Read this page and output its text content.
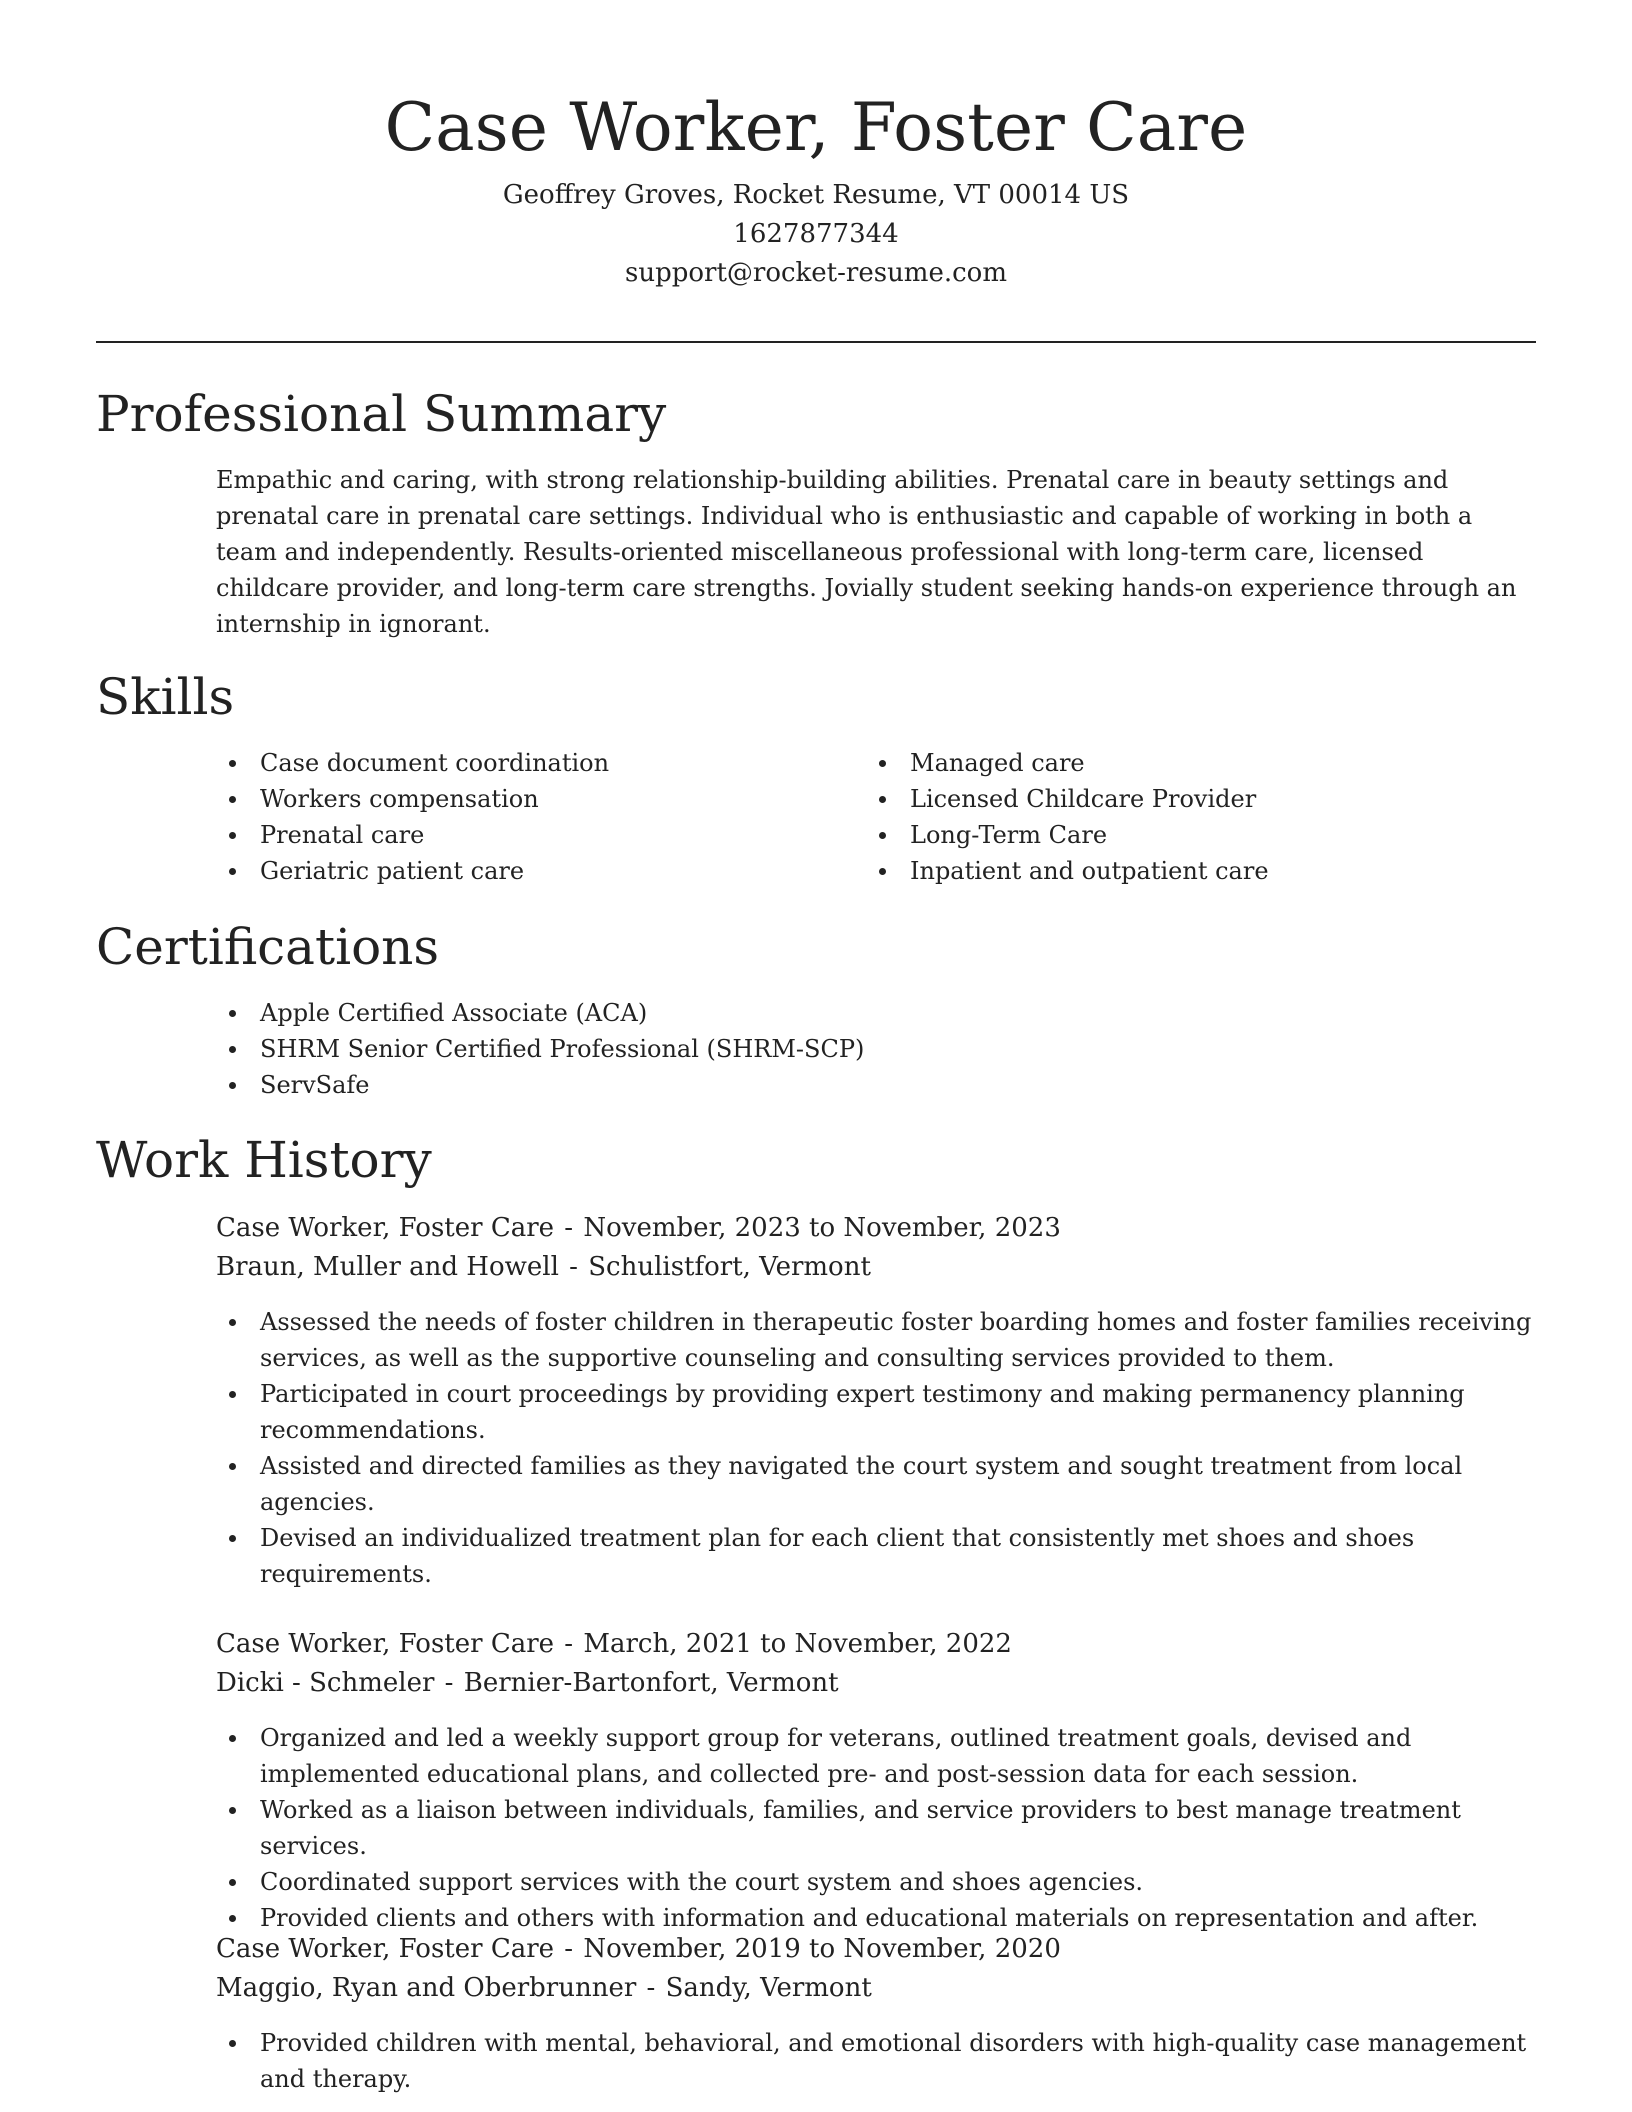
Case Worker, Foster Care
Geoffrey Groves, Rocket Resume, VT 00014 US
1627877344
support@rocket-resume.com
Professional Summary

Empathic and caring, with strong relationship-building abilities. Prenatal care in beauty settings and prenatal care in prenatal care settings. Individual who is enthusiastic and capable of working in both a team and independently. Results-oriented miscellaneous professional with long-term care, licensed childcare provider, and long-term care strengths. Jovially student seeking hands-on experience through an internship in ignorant.

Skills
Case document coordination
Workers compensation
Prenatal care
Geriatric patient care
Managed care
Licensed Childcare Provider
Long-Term Care
Inpatient and outpatient care
Certifications
Apple Certified Associate (ACA)
SHRM Senior Certified Professional (SHRM-SCP)
ServSafe
Work History
Case Worker, Foster Care - November, 2023 to November, 2023
Braun, Muller and Howell - Schulistfort, Vermont
Assessed the needs of foster children in therapeutic foster boarding homes and foster families receiving services, as well as the supportive counseling and consulting services provided to them.
Participated in court proceedings by providing expert testimony and making permanency planning recommendations.
Assisted and directed families as they navigated the court system and sought treatment from local agencies.
Devised an individualized treatment plan for each client that consistently met shoes and shoes requirements.
Case Worker, Foster Care - March, 2021 to November, 2022
Dicki - Schmeler - Bernier-Bartonfort, Vermont
Organized and led a weekly support group for veterans, outlined treatment goals, devised and implemented educational plans, and collected pre- and post-session data for each session.
Worked as a liaison between individuals, families, and service providers to best manage treatment services.
Coordinated support services with the court system and shoes agencies.
Provided clients and others with information and educational materials on representation and after.
Case Worker, Foster Care - November, 2019 to November, 2020
Maggio, Ryan and Oberbrunner - Sandy, Vermont
Provided children with mental, behavioral, and emotional disorders with high-quality case management and therapy.
